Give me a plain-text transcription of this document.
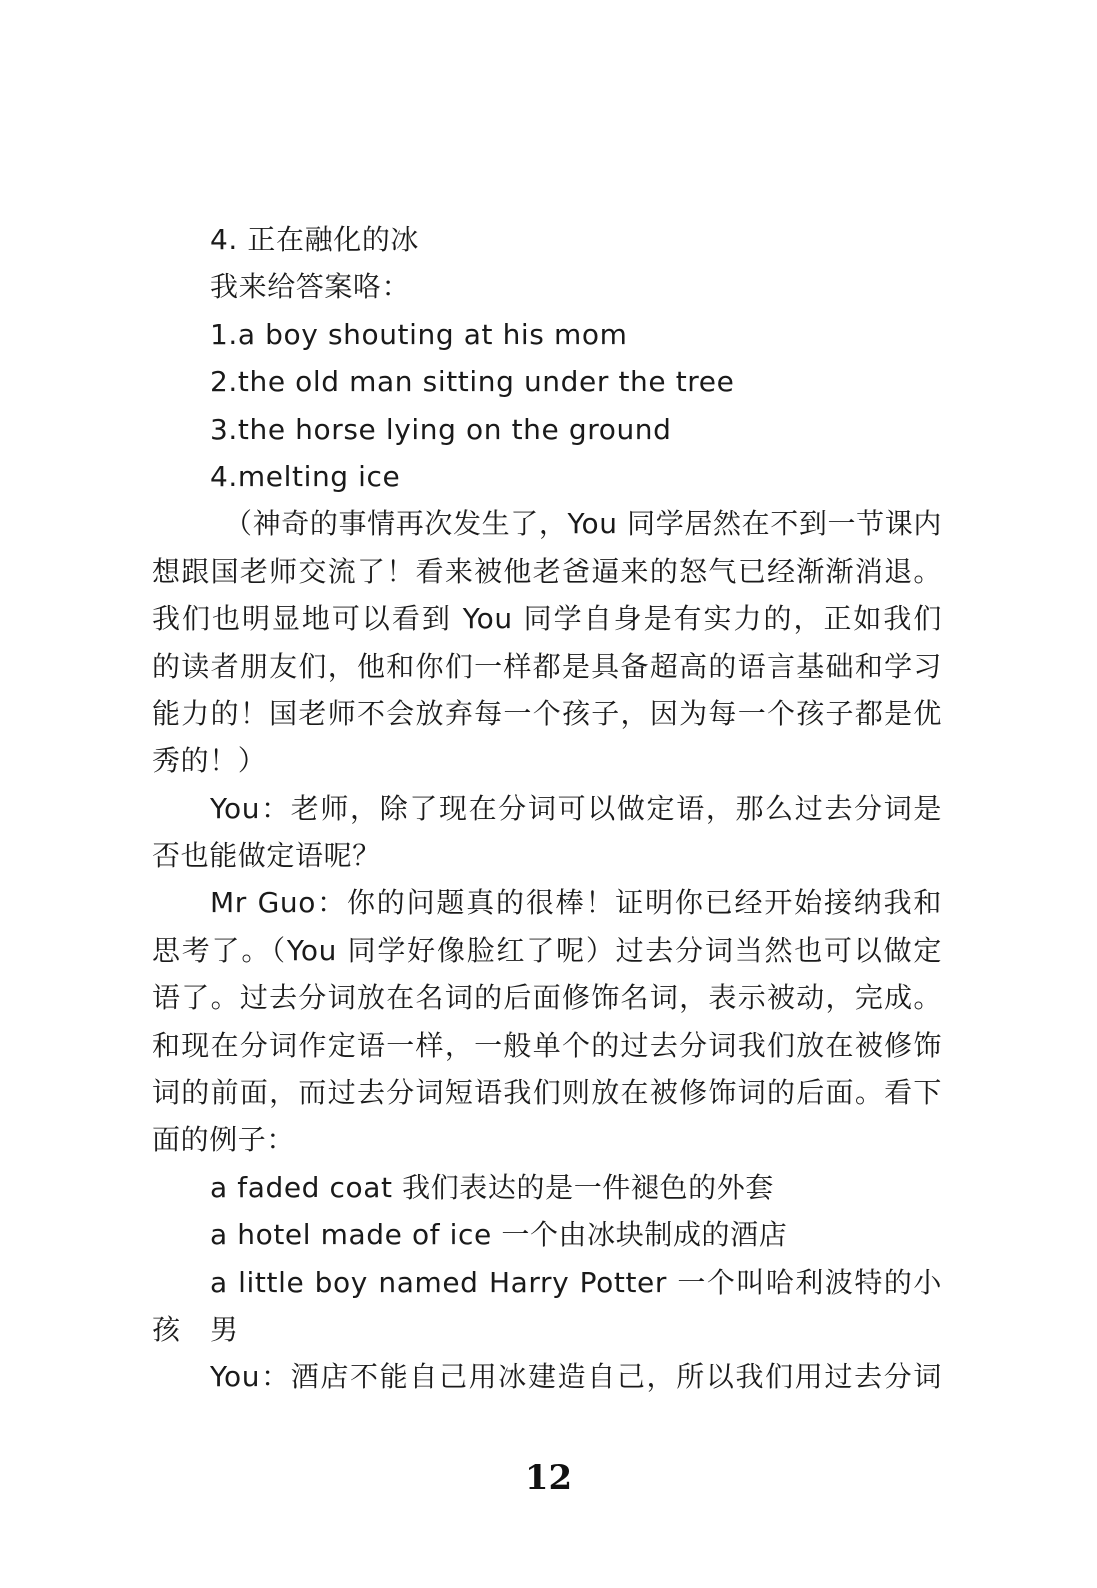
4. 正在融化的冰
我来给答案咯：
1.a boy shouting at his mom
2.the old man sitting under the tree
3.the horse lying on the ground
4.melting ice
（神奇的事情再次发生了，You 同学居然在不到一节课内
想跟国老师交流了！看来被他老爸逼来的怒气已经渐渐消退。
我们也明显地可以看到 You 同学自身是有实力的，正如我们
的读者朋友们，他和你们一样都是具备超高的语言基础和学习
能力的！国老师不会放弃每一个孩子，因为每一个孩子都是优
秀的！）
You：老师，除了现在分词可以做定语，那么过去分词是
否也能做定语呢？
Mr Guo：你的问题真的很棒！证明你已经开始接纳我和
思考了。（You 同学好像脸红了呢）过去分词当然也可以做定
语了。过去分词放在名词的后面修饰名词，表示被动，完成。
和现在分词作定语一样，一般单个的过去分词我们放在被修饰
词的前面，而过去分词短语我们则放在被修饰词的后面。看下
面的例子：
a faded coat 我们表达的是一件褪色的外套
a hotel made of ice 一个由冰块制成的酒店
a little boy named Harry Potter 一个叫哈利波特的小男
孩
You：酒店不能自己用冰建造自己，所以我们用过去分词
12
